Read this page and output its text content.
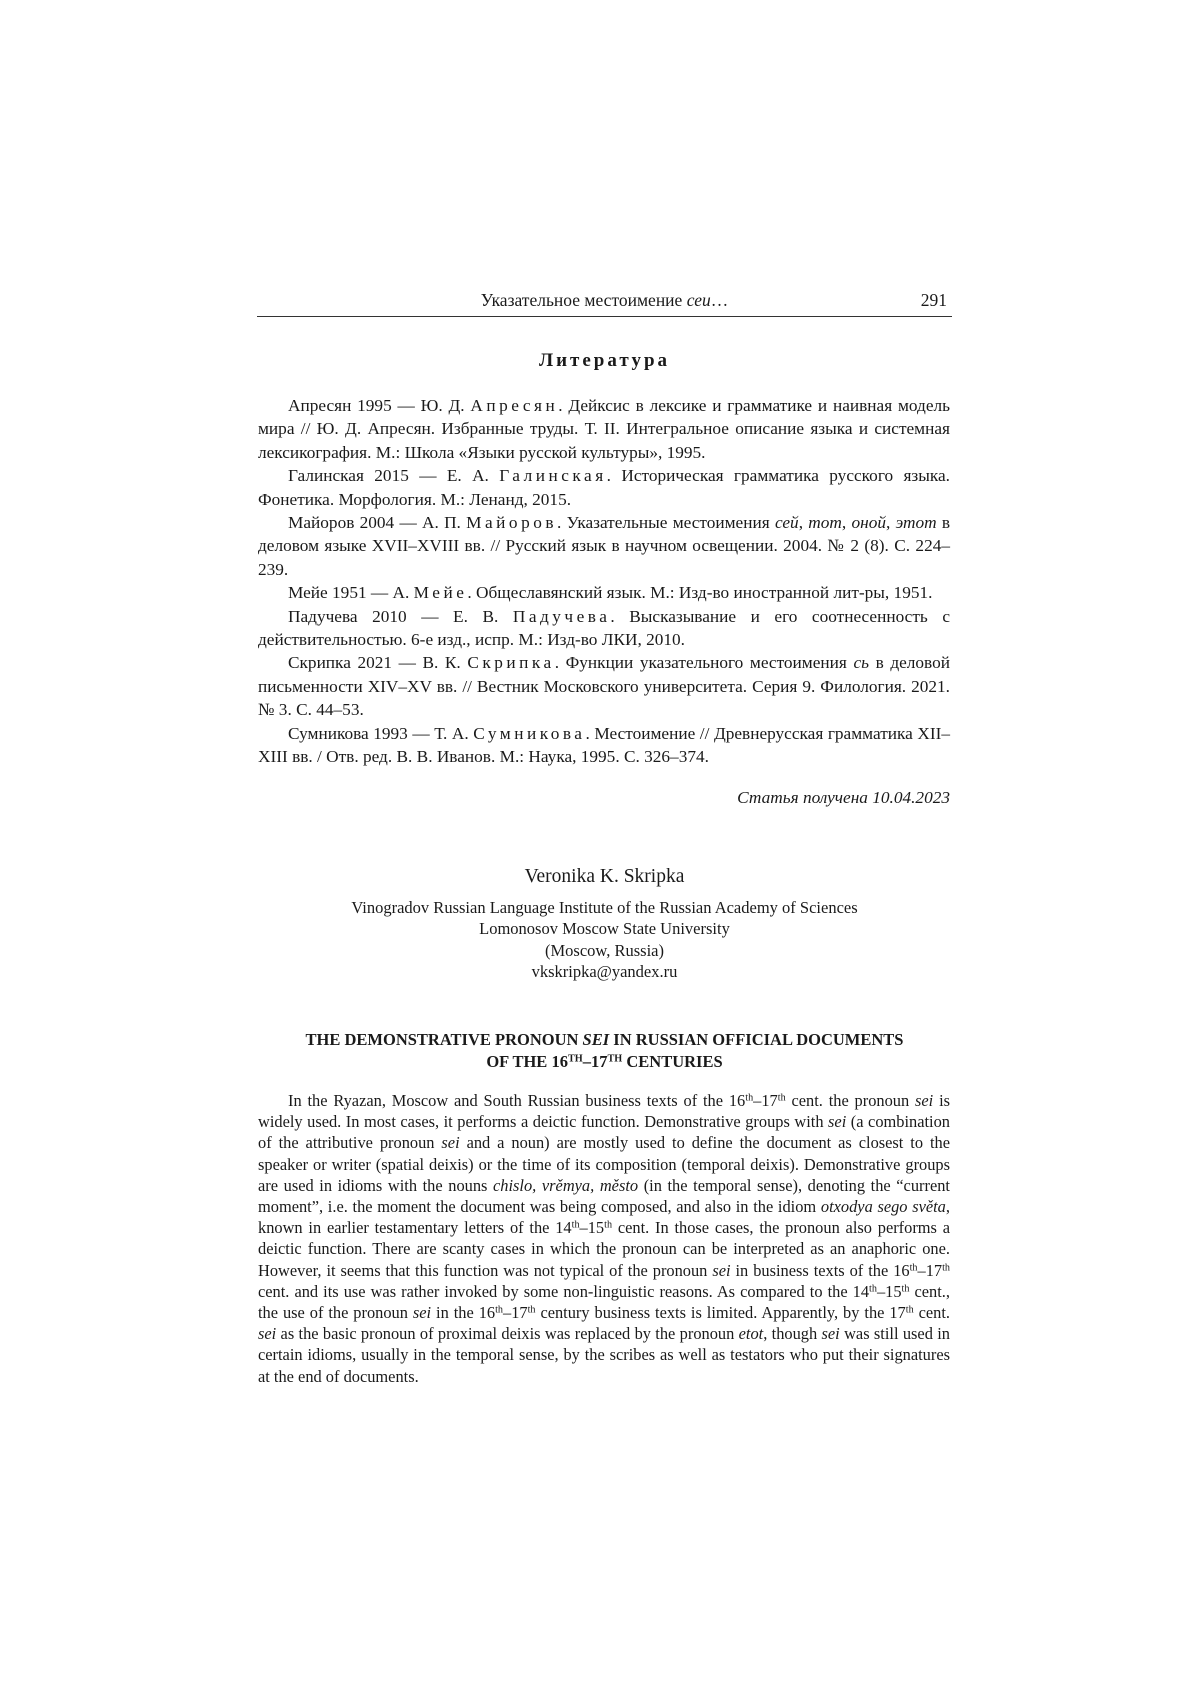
Указательное местоимение сеи…	291
Литература

Апресян 1995 — Ю. Д. Апресян. Дейксис в лексике и грамматике и наивная модель мира // Ю. Д. Апресян. Избранные труды. Т. II. Интегральное описание языка и системная лексикография. М.: Школа «Языки русской культуры», 1995.

Галинская 2015 — Е. А. Галинская. Историческая грамматика русского языка. Фонетика. Морфология. М.: Ленанд, 2015.

Майоров 2004 — А. П. Майоров. Указательные местоимения сей, тот, оной, этот в деловом языке XVII–XVIII вв. // Русский язык в научном освещении. 2004. № 2 (8). С. 224–239.

Мейе 1951 — А. Мейе. Общеславянский язык. М.: Изд-во иностранной лит-ры, 1951.

Падучева 2010 — Е. В. Падучева. Высказывание и его соотнесенность с действительностью. 6-е изд., испр. М.: Изд-во ЛКИ, 2010.

Скрипка 2021 — В. К. Скрипка. Функции указательного местоимения сь в деловой письменности XIV–XV вв. // Вестник Московского университета. Серия 9. Филология. 2021. № 3. С. 44–53.

Сумникова 1993 — Т. А. Сумникова. Местоимение // Древнерусская грамматика XII–XIII вв. / Отв. ред. В. В. Иванов. М.: Наука, 1995. С. 326–374.

Статья получена 10.04.2023
Veronika K. Skripka
Vinogradov Russian Language Institute of the Russian Academy of Sciences
Lomonosov Moscow State University
(Moscow, Russia)
vkskripka@yandex.ru
THE DEMONSTRATIVE PRONOUN SEI IN RUSSIAN OFFICIAL DOCUMENTS
OF THE 16TH–17TH CENTURIES

In the Ryazan, Moscow and South Russian business texts of the 16th–17th cent. the pronoun sei is widely used. In most cases, it performs a deictic function. Demonstrative groups with sei (a combination of the attributive pronoun sei and a noun) are mostly used to define the document as closest to the speaker or writer (spatial deixis) or the time of its composition (temporal deixis). Demonstrative groups are used in idioms with the nouns chislo, vrěmya, město (in the temporal sense), denoting the “current moment”, i.e. the moment the document was being composed, and also in the idiom otxodya sego světa, known in earlier testamentary letters of the 14th–15th cent. In those cases, the pronoun also performs a deictic function. There are scanty cases in which the pronoun can be interpreted as an anaphoric one. However, it seems that this function was not typical of the pronoun sei in business texts of the 16th–17th cent. and its use was rather invoked by some non-linguistic reasons. As compared to the 14th–15th cent., the use of the pronoun sei in the 16th–17th century business texts is limited. Apparently, by the 17th cent. sei as the basic pronoun of proximal deixis was replaced by the pronoun etot, though sei was still used in certain idioms, usually in the temporal sense, by the scribes as well as testators who put their signatures at the end of documents.
